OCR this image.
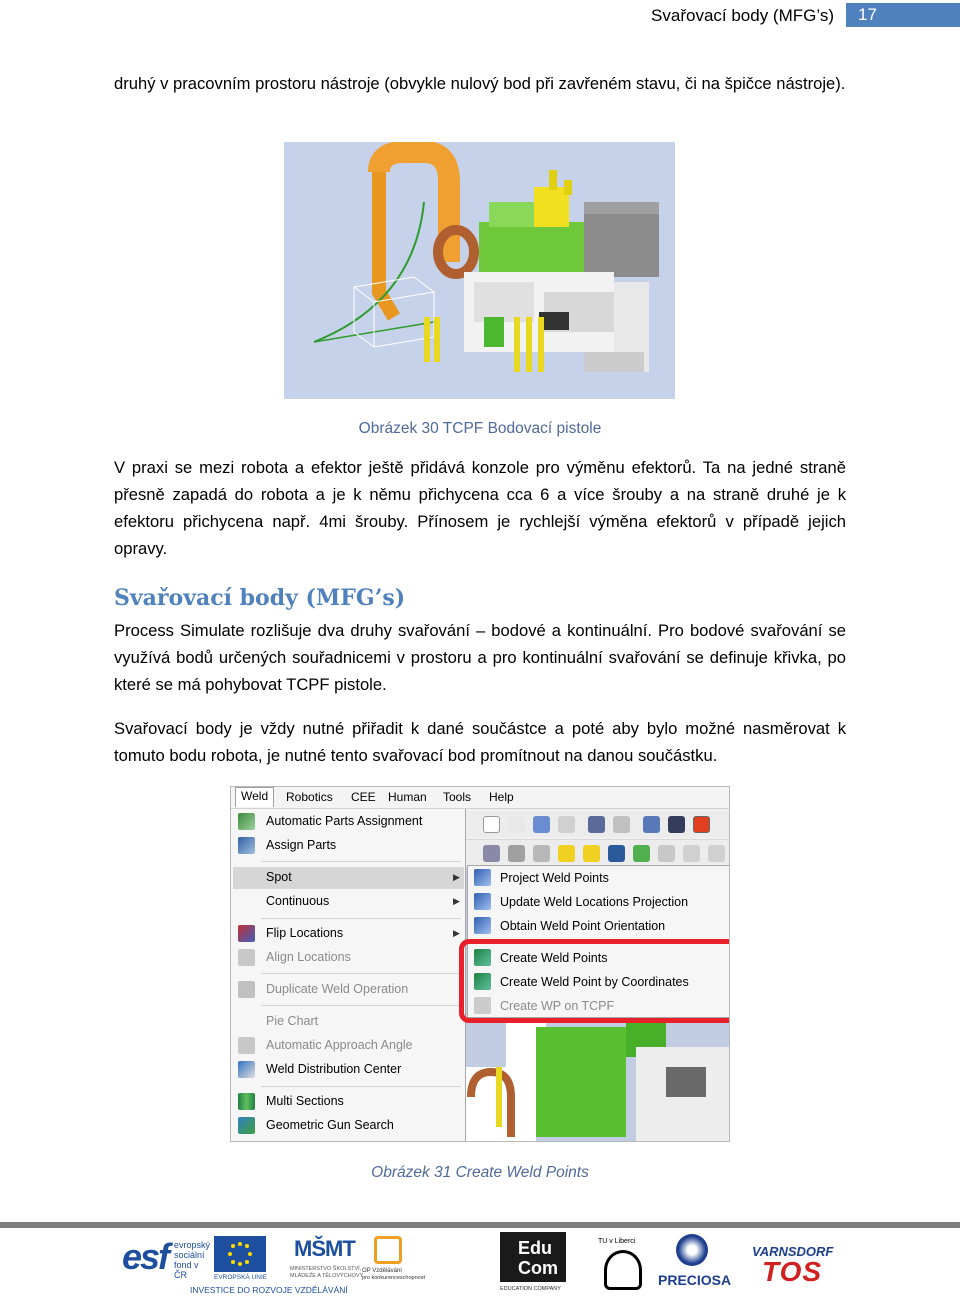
Svařovací body (MFG’s)	17

druhý v pracovním prostoru nástroje (obvykle nulový bod při zavřeném stavu, či na špičce nástroje).

Obrázek 30 TCPF Bodovací pistole

V praxi se mezi robota a efektor ještě přidává konzole pro výměnu efektorů. Ta na jedné straně přesně zapadá do robota a je k němu přichycena cca 6 a více šrouby a na straně druhé je k efektoru přichycena např. 4mi šrouby. Přínosem je rychlejší výměna efektorů v případě jejich opravy.

Svařovací body (MFG’s)

Process Simulate rozlišuje dva druhy svařování – bodové a kontinuální. Pro bodové svařování se využívá bodů určených souřadnicemi v prostoru a pro kontinuální svařování se definuje křivka, po které se má pohybovat TCPF pistole.

Svařovací body je vždy nutné přiřadit k dané součástce a poté aby bylo možné nasměrovat k tomuto bodu robota, je nutné tento svařovací bod promítnout na danou součástku.

Weld	Robotics CEE Human Tools Help
Automatic Parts Assignment
Assign Parts
Spot	▶
Continuous	▶
Flip Locations	▶
Align Locations
Duplicate Weld Operation
Pie Chart
Automatic Approach Angle
Weld Distribution Center
Multi Sections
Geometric Gun Search
Project Weld Points
Update Weld Locations Projection
Obtain Weld Point Orientation
Create Weld Points
Create Weld Point by Coordinates
Create WP on TCPF
Obrázek 31 Create Weld Points
esf evropský
sociální
fond v ČR	EVROPSKÁ UNIE
MŠMT
MINISTERSTVO ŠKOLSTVÍ,
MLÁDEŽE A TĚLOVÝCHOVY
OP Vzdělávání
pro konkurenceschopnost
INVESTICE DO ROZVOJE VZDĚLÁVÁNÍ
Edu
Com
EDUCATION COMPANY
TU v Liberci
PRECIOSA
VARNSDORF
TOS
